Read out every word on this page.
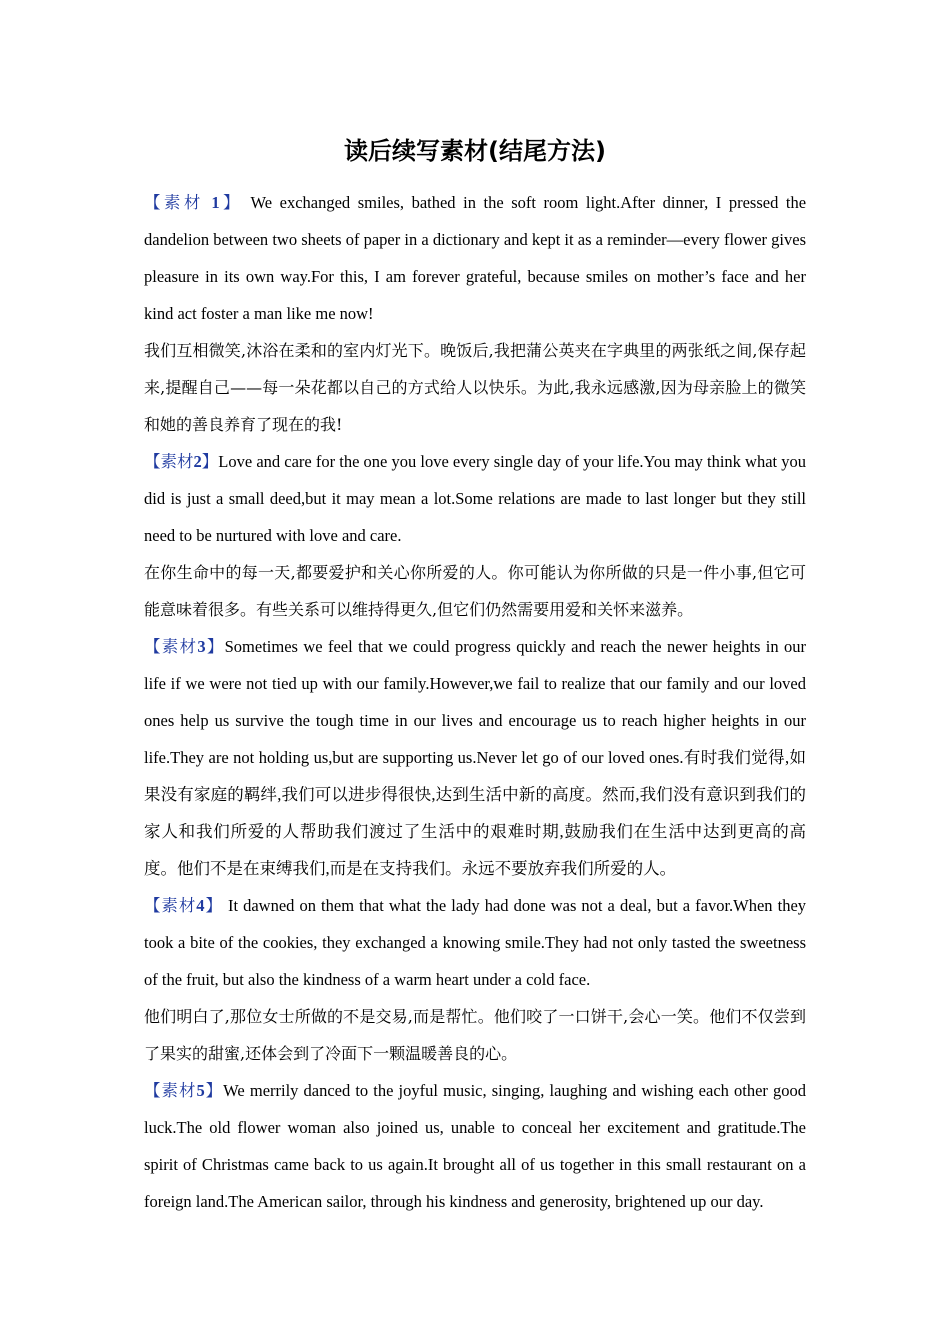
读后续写素材(结尾方法)

【素材 1】 We exchanged smiles, bathed in the soft room light.After dinner, I pressed the dandelion between two sheets of paper in a dictionary and kept it as a reminder—every flower gives pleasure in its own way.For this, I am forever grateful, because smiles on mother’s face and her kind act foster a man like me now!

我们互相微笑,沐浴在柔和的室内灯光下。晚饭后,我把蒲公英夹在字典里的两张纸之间,保存起来,提醒自己——每一朵花都以自己的方式给人以快乐。为此,我永远感激,因为母亲脸上的微笑和她的善良养育了现在的我!

【素材2】Love and care for the one you love every single day of your life.You may think what you did is just a small deed,but it may mean a lot.Some relations are made to last longer but they still need to be nurtured with love and care.

在你生命中的每一天,都要爱护和关心你所爱的人。你可能认为你所做的只是一件小事,但它可能意味着很多。有些关系可以维持得更久,但它们仍然需要用爱和关怀来滋养。

【素材3】Sometimes we feel that we could progress quickly and reach the newer heights in our life if we were not tied up with our family.However,we fail to realize that our family and our loved ones help us survive the tough time in our lives and encourage us to reach higher heights in our life.They are not holding us,but are supporting us.Never let go of our loved ones.有时我们觉得,如果没有家庭的羁绊,我们可以进步得很快,达到生活中新的高度。然而,我们没有意识到我们的家人和我们所爱的人帮助我们渡过了生活中的艰难时期,鼓励我们在生活中达到更高的高度。他们不是在束缚我们,而是在支持我们。永远不要放弃我们所爱的人。

【素材4】 It dawned on them that what the lady had done was not a deal, but a favor.When they took a bite of the cookies, they exchanged a knowing smile.They had not only tasted the sweetness of the fruit, but also the kindness of a warm heart under a cold face.

他们明白了,那位女士所做的不是交易,而是帮忙。他们咬了一口饼干,会心一笑。他们不仅尝到了果实的甜蜜,还体会到了冷面下一颗温暖善良的心。

【素材5】We merrily danced to the joyful music, singing, laughing and wishing each other good luck.The old flower woman also joined us, unable to conceal her excitement and gratitude.The spirit of Christmas came back to us again.It brought all of us together in this small restaurant on a foreign land.The American sailor, through his kindness and generosity, brightened up our day.
